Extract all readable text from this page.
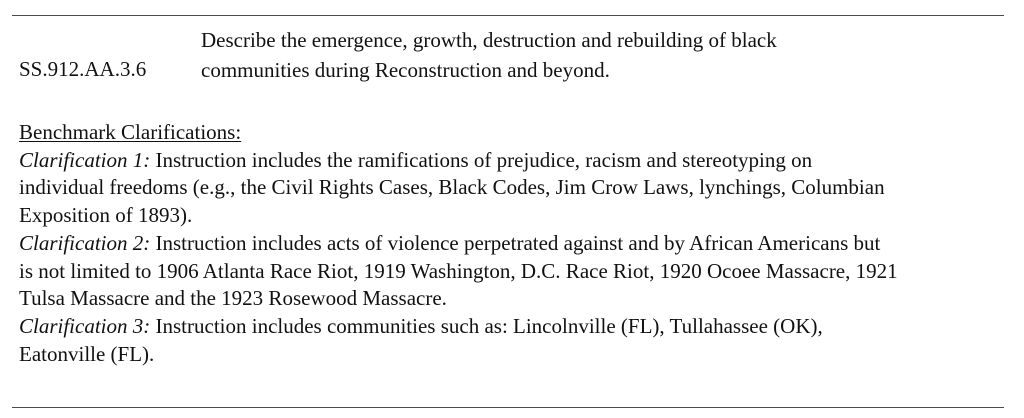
SS.912.AA.3.6
Describe the emergence, growth, destruction and rebuilding of black
communities during Reconstruction and beyond.
Benchmark Clarifications:
Clarification 1: Instruction includes the ramifications of prejudice, racism and stereotyping on
individual freedoms (e.g., the Civil Rights Cases, Black Codes, Jim Crow Laws, lynchings, Columbian
Exposition of 1893).
Clarification 2: Instruction includes acts of violence perpetrated against and by African Americans but
is not limited to 1906 Atlanta Race Riot, 1919 Washington, D.C. Race Riot, 1920 Ocoee Massacre, 1921
Tulsa Massacre and the 1923 Rosewood Massacre.
Clarification 3: Instruction includes communities such as: Lincolnville (FL), Tullahassee (OK),
Eatonville (FL).
